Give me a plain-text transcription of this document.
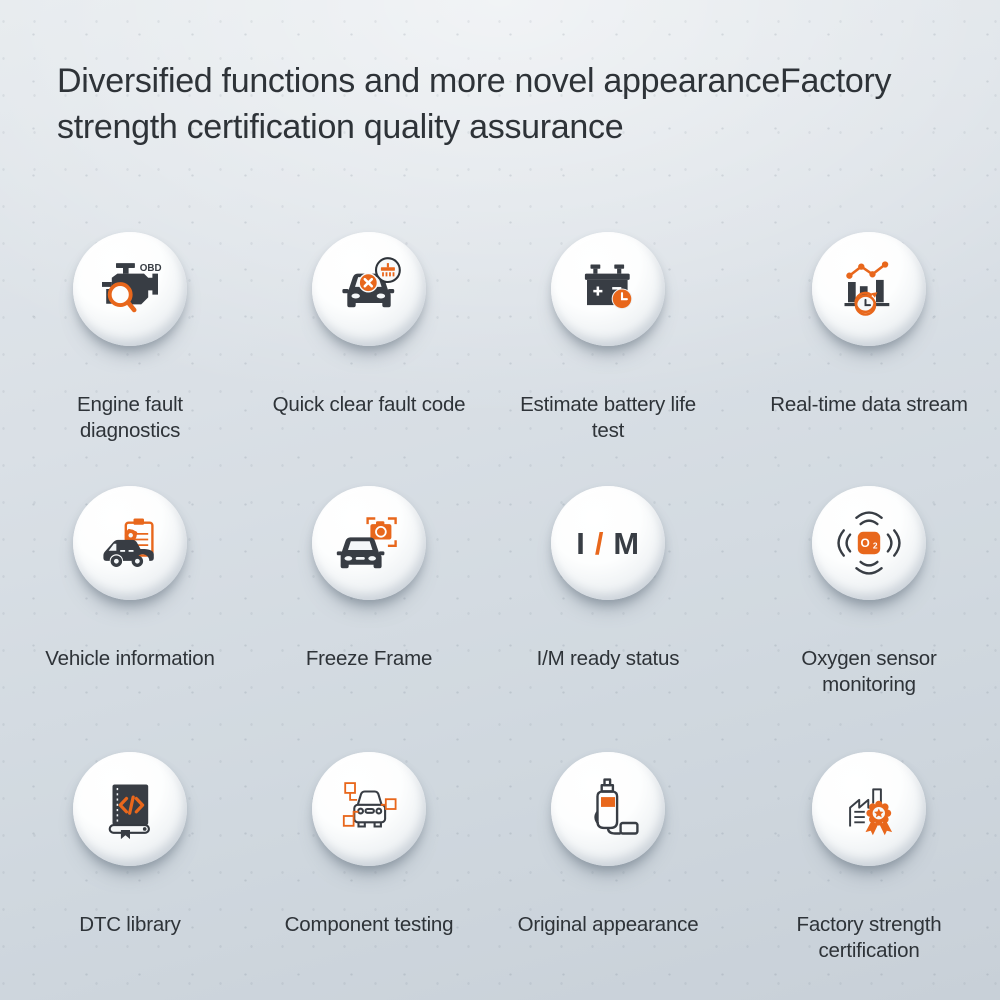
Diversified functions and more novel appearanceFactory
strength certification quality assurance
OBD
Engine fault diagnostics
Quick clear fault code	Estimate battery life test
Real-time data stream
Vehicle information	Freeze Frame
I / M
I/M ready status
O 2
Oxygen sensor monitoring
DTC library	Component testing	Original appearance	Factory strength certification
